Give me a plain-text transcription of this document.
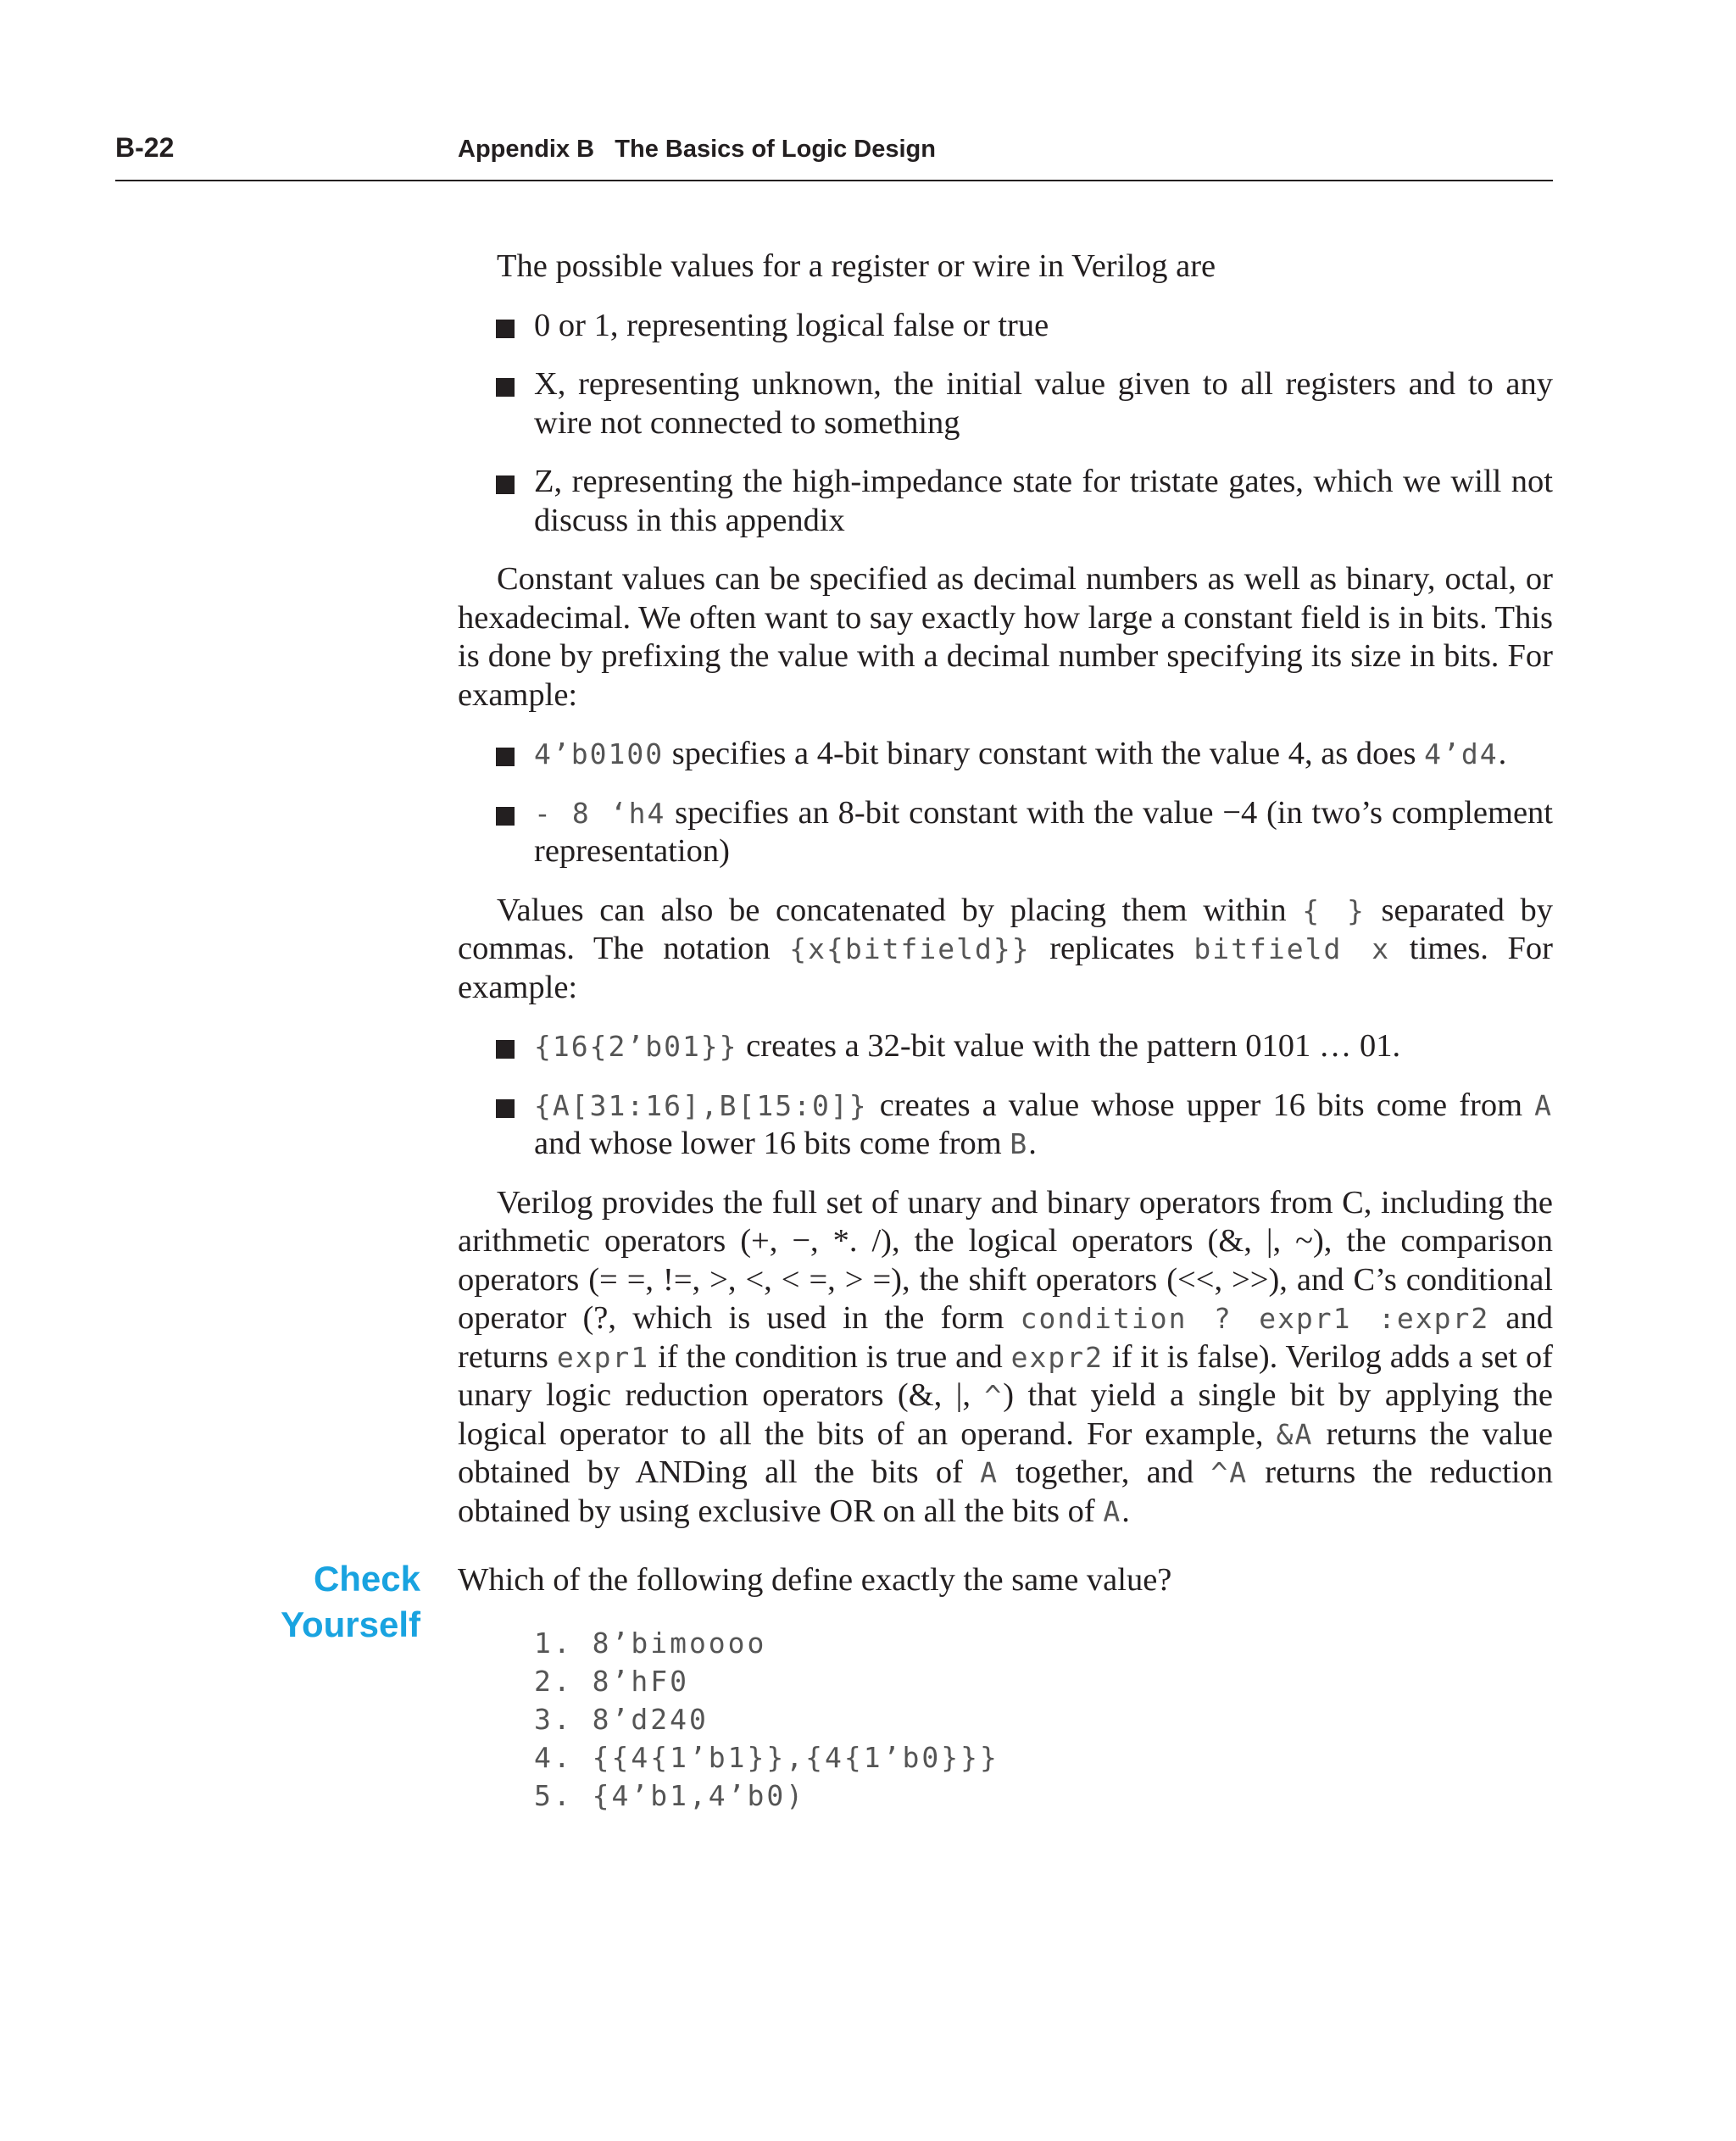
B-22	Appendix B   The Basics of Logic Design

The possible values for a register or wire in Verilog are

0 or 1, representing logical false or true
X, representing unknown, the initial value given to all registers and to any wire not connected to something
Z, representing the high-impedance state for tristate gates, which we will not discuss in this appendix

Constant values can be specified as decimal numbers as well as binary, octal, or hexadecimal. We often want to say exactly how large a constant field is in bits. This is done by prefixing the value with a decimal number specifying its size in bits. For example:

4’b0100 specifies a 4-bit binary constant with the value 4, as does 4’d4.
- 8 ‘h4 specifies an 8-bit constant with the value −4 (in two’s complement representation)

Values can also be concatenated by placing them within { } separated by commas. The notation {x{bitfield}} replicates bitfield x times. For example:

{16{2’b01}} creates a 32-bit value with the pattern 0101 … 01.
{A[31:16],B[15:0]} creates a value whose upper 16 bits come from A and whose lower 16 bits come from B.

Verilog provides the full set of unary and binary operators from C, including the arithmetic operators (+, −, *. /), the logical operators (&, |, ~), the comparison operators (= =, !=, >, <, < =, > =), the shift operators (<<, >>), and C’s conditional operator (?, which is used in the form condition ? expr1 :expr2 and returns expr1 if the condition is true and expr2 if it is false). Verilog adds a set of unary logic reduction operators (&, |, ^) that yield a single bit by applying the logical operator to all the bits of an operand. For example, &A returns the value obtained by ANDing all the bits of A together, and ^A returns the reduction obtained by using exclusive OR on all the bits of A.

Check
Yourself

Which of the following define exactly the same value?

1. 8’bimoooo
2. 8’hF0
3. 8’d240
4. {{4{1’b1}},{4{1’b0}}}
5. {4’b1,4’b0)
